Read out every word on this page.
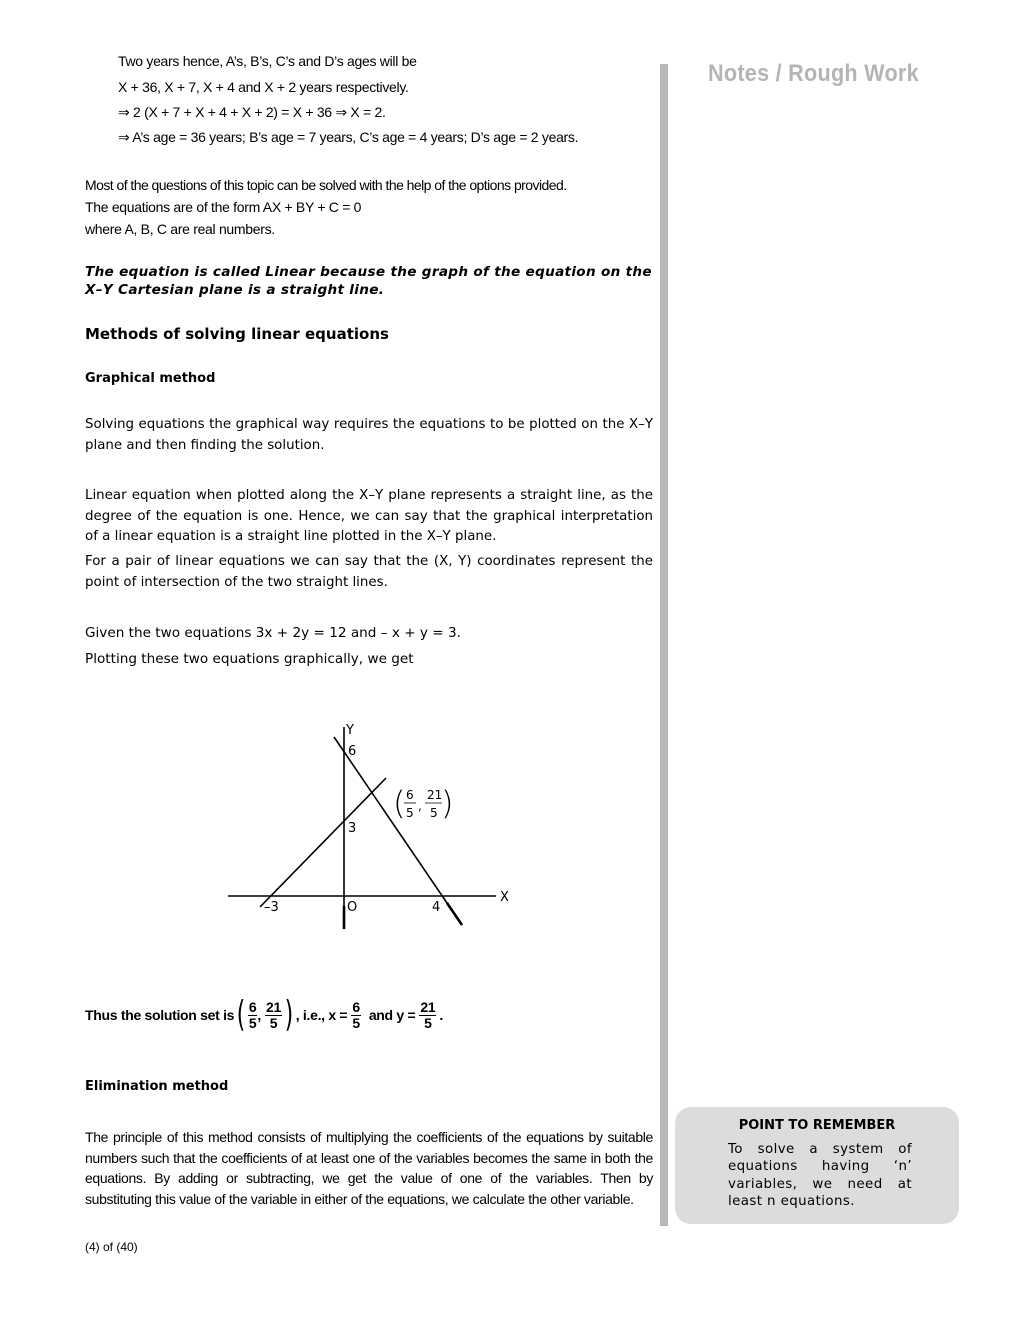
Notes / Rough Work
POINT TO REMEMBER
To solve a system of equations having ‘n’ variables, we need at least n equations.
Two years hence, A’s, B’s, C’s and D’s ages will be
X + 36, X + 7, X + 4 and X + 2 years respectively.
⇒ 2 (X + 7 + X + 4 + X + 2) = X + 36 ⇒ X = 2.
⇒ A’s age = 36 years; B’s age = 7 years, C’s age = 4 years; D’s age = 2 years.
Most of the questions of this topic can be solved with the help of the options provided.
The equations are of the form AX + BY + C = 0
where A, B, C are real numbers.
The equation is called Linear because the graph of the equation on the
X–Y Cartesian plane is a straight line.
Methods of solving linear equations
Graphical method
Solving equations the graphical way requires the equations to be plotted on the X–Y plane and then finding the solution.
Linear equation when plotted along the X–Y plane represents a straight line, as the degree of the equation is one. Hence, we can say that the graphical interpretation of a linear equation is a straight line plotted in the X–Y plane.
For a pair of linear equations we can say that the (X, Y) coordinates represent the point of intersection of the two straight lines.
Given the two equations 3x + 2y = 12 and – x + y = 3.
Plotting these two equations graphically, we get
Y
X
6
3
–3	O	4
( 6
5 ,
21
5 )
Thus the solution set is ( $\frac{6}{5}$ , $\frac{21}{5}$ ) , i.e., $x = \frac{6}{5}$ and $y = \frac{21}{5}$ .
Elimination method
The principle of this method consists of multiplying the coefficients of the equations by suitable numbers such that the coefficients of at least one of the variables becomes the same in both the equations. By adding or subtracting, we get the value of one of the variables. Then by substituting this value of the variable in either of the equations, we calculate the other variable.
(4) of (40)
